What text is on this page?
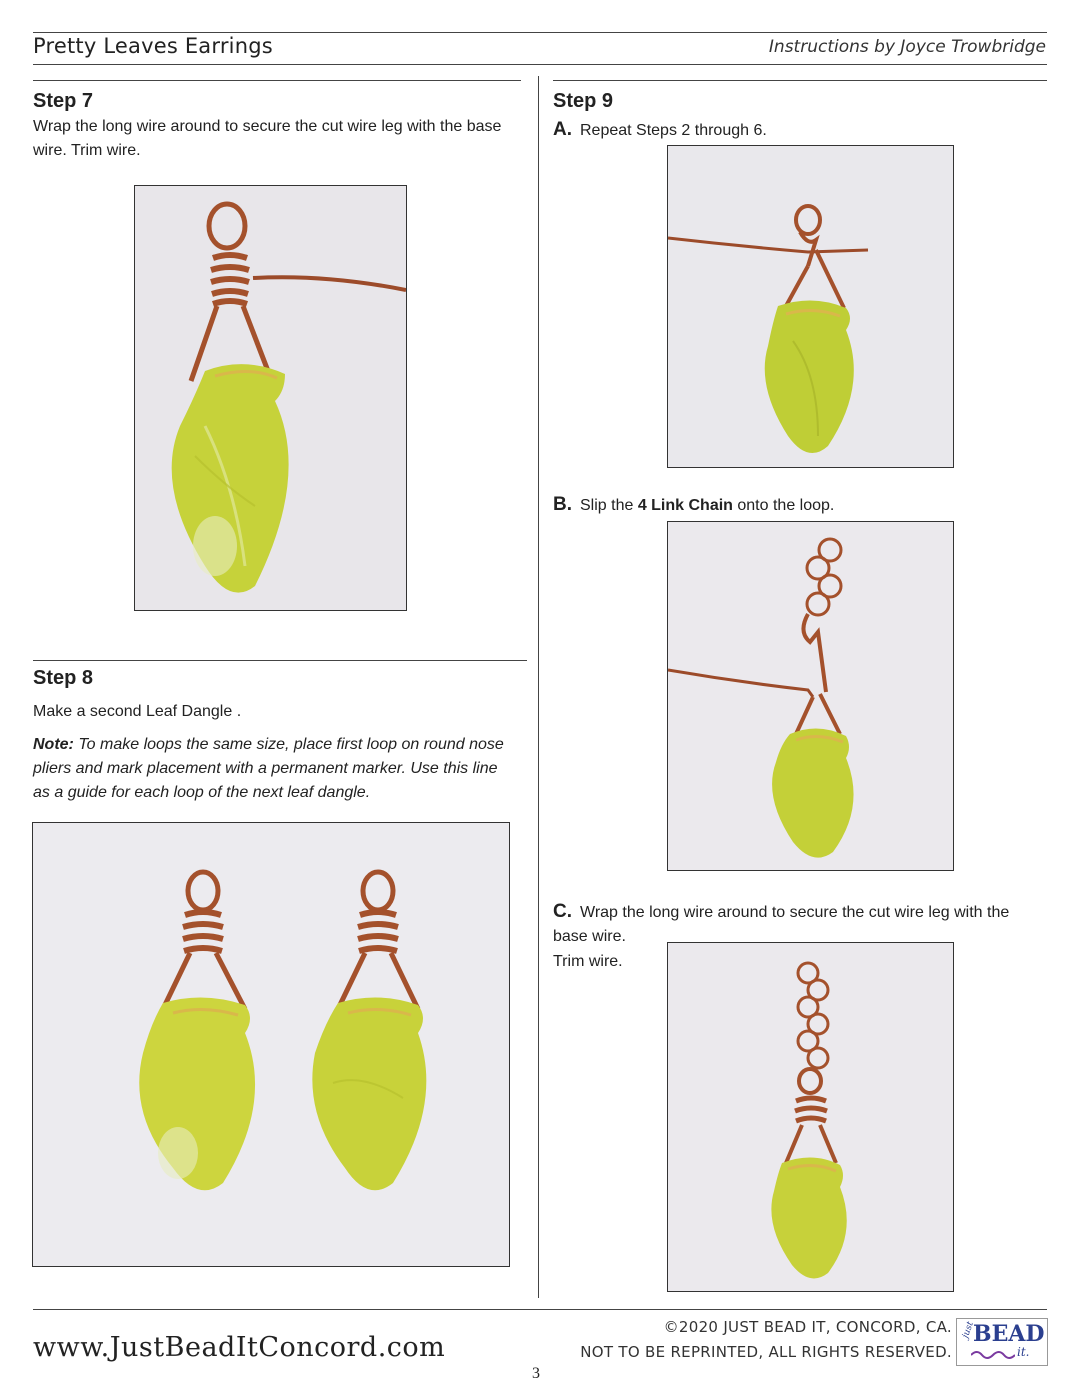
Pretty Leaves Earrings	Instructions by Joyce Trowbridge
Step 7
Wrap the long wire around to secure the cut wire leg with the base wire. Trim wire.
Step 8
Make a second Leaf Dangle .
Note: To make loops the same size, place first loop on round nose pliers and mark placement with a permanent marker. Use this line as a guide for each loop of the next leaf dangle.
Step 9
A. Repeat Steps 2 through 6.
B. Slip the 4 Link Chain onto the loop.
C. Wrap the long wire around to secure the cut wire leg with the base wire.
Trim wire.
www.JustBeadItConcord.com
3
©2020 JUST BEAD IT, CONCORD, CA.
NOT TO BE REPRINTED, ALL RIGHTS RESERVED.
just
BEAD
it.
